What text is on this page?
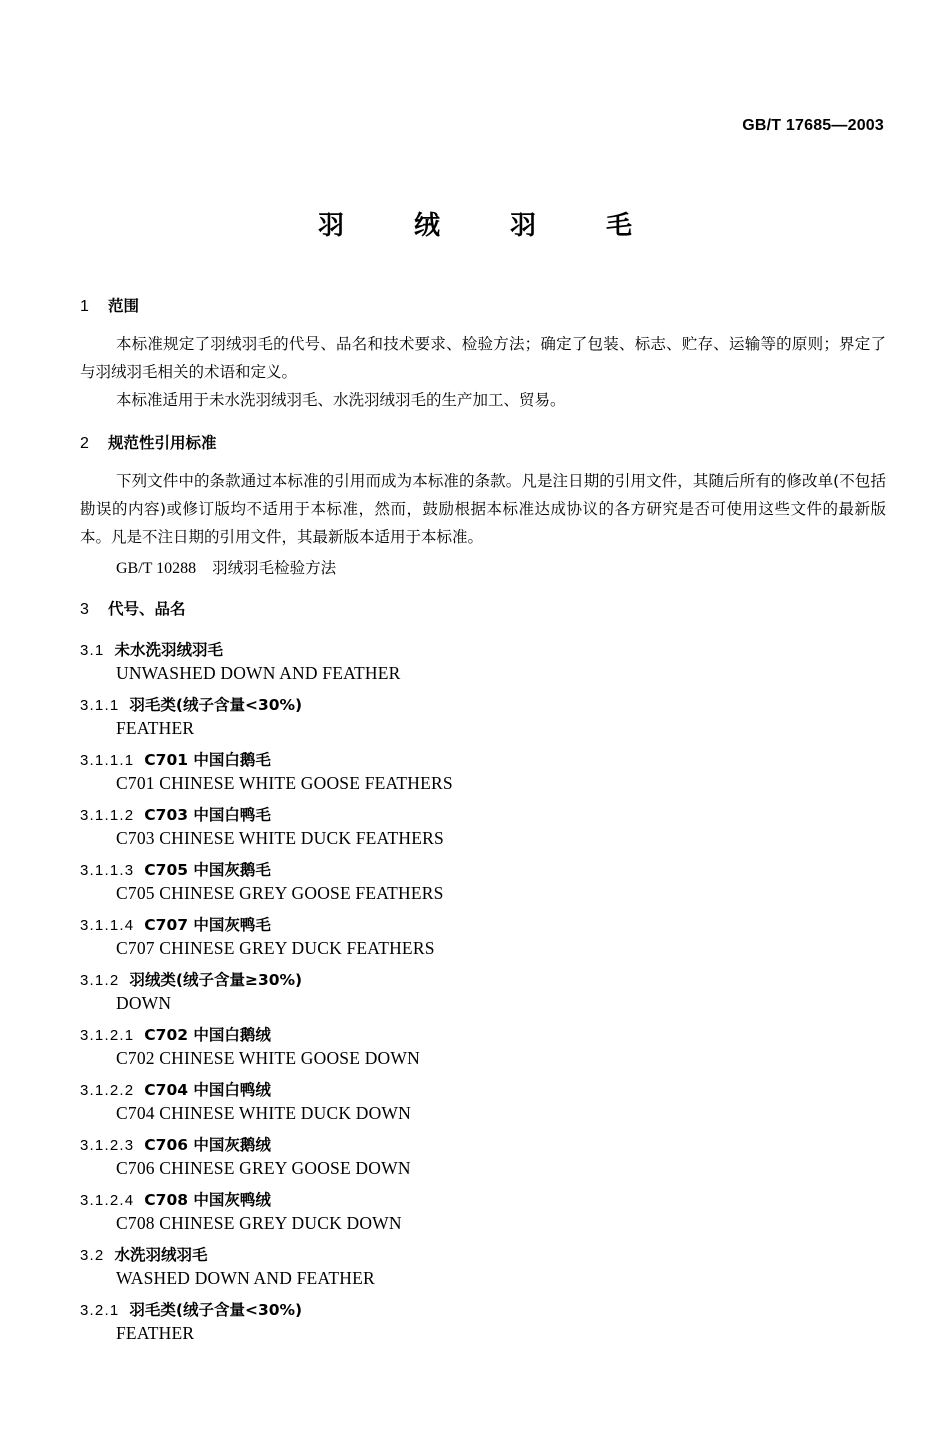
GB/T 17685—2003
羽	绒	羽	毛
1 范围
本标准规定了羽绒羽毛的代号、品名和技术要求、检验方法；确定了包装、标志、贮存、运输等的原则；界定了与羽绒羽毛相关的术语和定义。
本标准适用于未水洗羽绒羽毛、水洗羽绒羽毛的生产加工、贸易。
2 规范性引用标准
下列文件中的条款通过本标准的引用而成为本标准的条款。凡是注日期的引用文件，其随后所有的修改单(不包括勘误的内容)或修订版均不适用于本标准，然而，鼓励根据本标准达成协议的各方研究是否可使用这些文件的最新版本。凡是不注日期的引用文件，其最新版本适用于本标准。
GB/T 10288 羽绒羽毛检验方法
3 代号、品名
3.1 未水洗羽绒羽毛
UNWASHED DOWN AND FEATHER
3.1.1 羽毛类(绒子含量<30%)
FEATHER
3.1.1.1 C701 中国白鹅毛
C701 CHINESE WHITE GOOSE FEATHERS
3.1.1.2 C703 中国白鸭毛
C703 CHINESE WHITE DUCK FEATHERS
3.1.1.3 C705 中国灰鹅毛
C705 CHINESE GREY GOOSE FEATHERS
3.1.1.4 C707 中国灰鸭毛
C707 CHINESE GREY DUCK FEATHERS
3.1.2 羽绒类(绒子含量≥30%)
DOWN
3.1.2.1 C702 中国白鹅绒
C702 CHINESE WHITE GOOSE DOWN
3.1.2.2 C704 中国白鸭绒
C704 CHINESE WHITE DUCK DOWN
3.1.2.3 C706 中国灰鹅绒
C706 CHINESE GREY GOOSE DOWN
3.1.2.4 C708 中国灰鸭绒
C708 CHINESE GREY DUCK DOWN
3.2 水洗羽绒羽毛
WASHED DOWN AND FEATHER
3.2.1 羽毛类(绒子含量<30%)
FEATHER
